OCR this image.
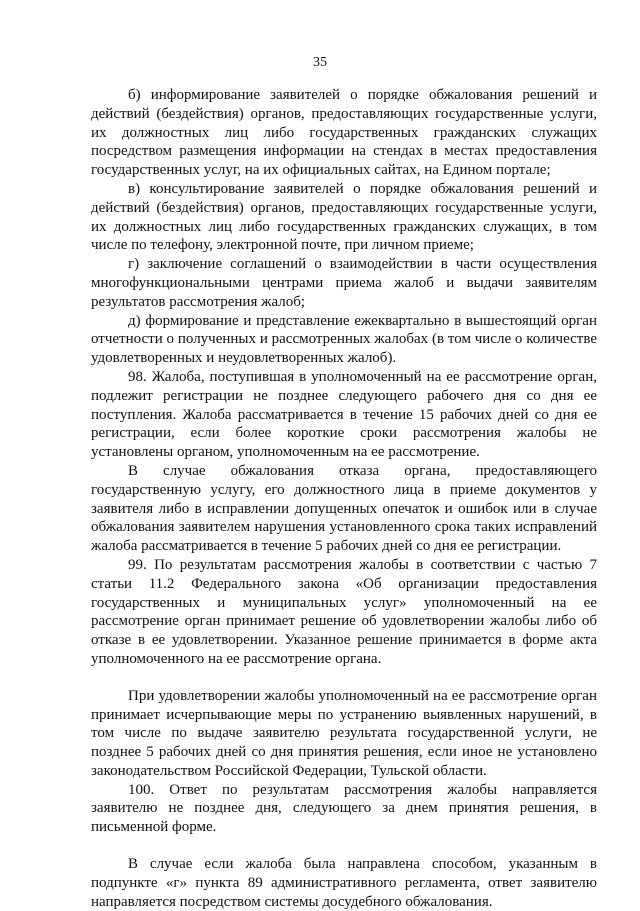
35

б) информирование заявителей о порядке обжалования решений и действий (бездействия) органов, предоставляющих государственные услуги, их должностных лиц либо государственных гражданских служащих посредством размещения информации на стендах в местах предоставления государственных услуг, на их официальных сайтах, на Едином портале;

в) консультирование заявителей о порядке обжалования решений и действий (бездействия) органов, предоставляющих государственные услуги, их должностных лиц либо государственных гражданских служащих, в том числе по телефону, электронной почте, при личном приеме;

г) заключение соглашений о взаимодействии в части осуществления многофункциональными центрами приема жалоб и выдачи заявителям результатов рассмотрения жалоб;

д) формирование и представление ежеквартально в вышестоящий орган отчетности о полученных и рассмотренных жалобах (в том числе о количестве удовлетворенных и неудовлетворенных жалоб).

98. Жалоба, поступившая в уполномоченный на ее рассмотрение орган, подлежит регистрации не позднее следующего рабочего дня со дня ее поступления. Жалоба рассматривается в течение 15 рабочих дней со дня ее регистрации, если более короткие сроки рассмотрения жалобы не установлены органом, уполномоченным на ее рассмотрение.

В случае обжалования отказа органа, предоставляющего государственную услугу, его должностного лица в приеме документов у заявителя либо в исправлении допущенных опечаток и ошибок или в случае обжалования заявителем нарушения установленного срока таких исправлений жалоба рассматривается в течение 5 рабочих дней со дня ее регистрации.

99. По результатам рассмотрения жалобы в соответствии с частью 7 статьи 11.2 Федерального закона «Об организации предоставления государственных и муниципальных услуг» уполномоченный на ее рассмотрение орган принимает решение об удовлетворении жалобы либо об отказе в ее удовлетворении. Указанное решение принимается в форме акта уполномоченного на ее рассмотрение органа.

При удовлетворении жалобы уполномоченный на ее рассмотрение орган принимает исчерпывающие меры по устранению выявленных нарушений, в том числе по выдаче заявителю результата государственной услуги, не позднее 5 рабочих дней со дня принятия решения, если иное не установлено законодательством Российской Федерации, Тульской области.

100. Ответ по результатам рассмотрения жалобы направляется заявителю не позднее дня, следующего за днем принятия решения, в письменной форме.

В случае если жалоба была направлена способом, указанным в подпункте «г» пункта 89 административного регламента, ответ заявителю направляется посредством системы досудебного обжалования.
